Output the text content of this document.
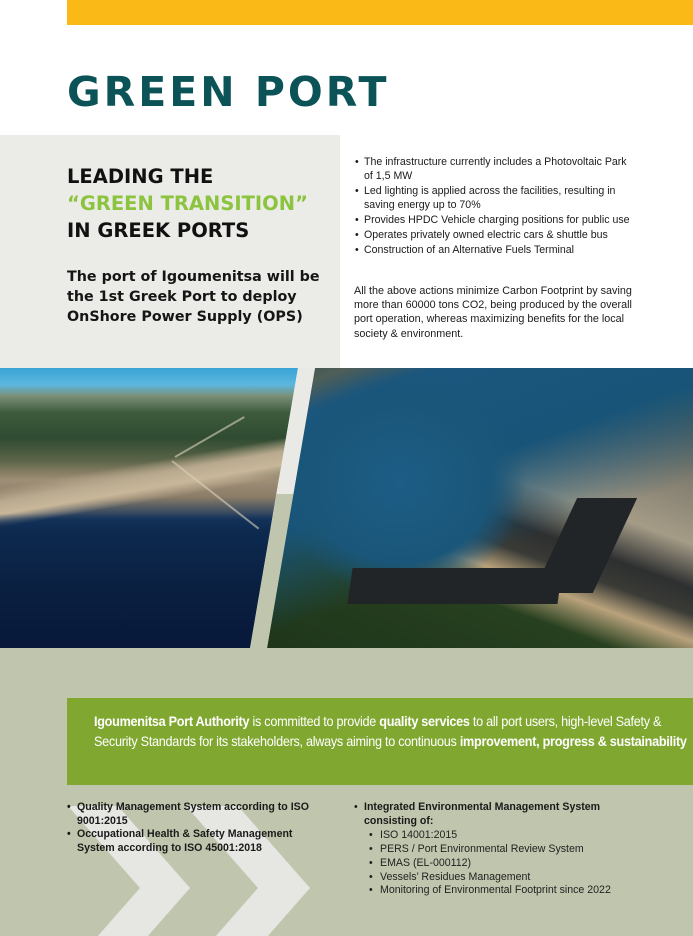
GREEN PORT
LEADING THE
“GREEN TRANSITION”
IN GREEK PORTS

The port of Igoumenitsa will be the 1st Greek Port to deploy OnShore Power Supply (OPS)

• The infrastructure currently includes a Photovoltaic Park of 1,5 MW
• Led lighting is applied across the facilities, resulting in saving energy up to 70%
• Provides HPDC Vehicle charging positions for public use
• Operates privately owned electric cars & shuttle bus
• Construction of an Alternative Fuels Terminal

All the above actions minimize Carbon Footprint by saving more than 60000 tons CO2, being produced by the overall port operation, whereas maximizing benefits for the local society & environment.

Igoumenitsa Port Authority is committed to provide quality services to all port users, high-level Safety & Security Standards for its stakeholders, always aiming to continuous improvement, progress & sustainability

• Quality Management System according to ISO 9001:2015
• Occupational Health & Safety Management System according to ISO 45001:2018
• Integrated Environmental Management System consisting of:
• ISO 14001:2015
• PERS / Port Environmental Review System
• EMAS (EL-000112)
• Vessels’ Residues Management
• Monitoring of Environmental Footprint since 2022
